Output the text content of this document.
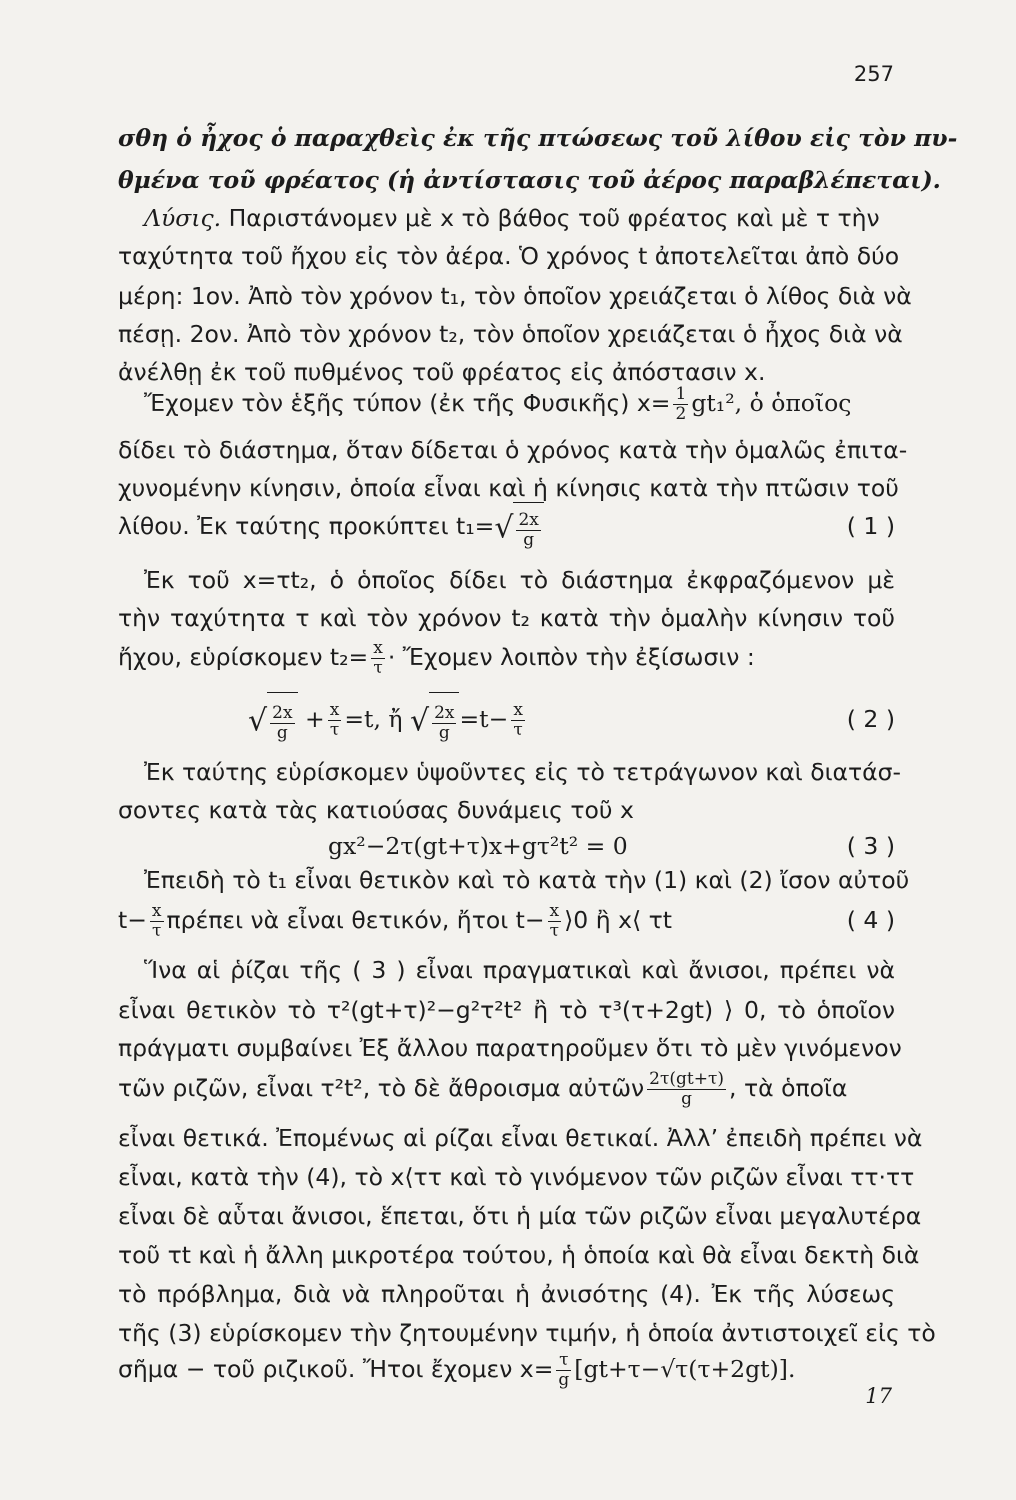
257
σθη ὁ ἦχος ὁ παραχθεὶς ἐκ τῆς πτώσεως τοῦ λίθου εἰς τὸν πυ-
θμένα τοῦ φρέατος (ἡ ἀντίστασις τοῦ ἀέρος παραβλέπεται).
Λύσις. Παριστάνομεν μὲ x τὸ βάθος τοῦ φρέατος καὶ μὲ τ τὴν
ταχύτητα τοῦ ἤχου εἰς τὸν ἀέρα. Ὁ χρόνος t ἀποτελεῖται ἀπὸ δύο
μέρη: 1ον. Ἀπὸ τὸν χρόνον t₁, τὸν ὁποῖον χρειάζεται ὁ λίθος διὰ νὰ
πέσῃ. 2ον. Ἀπὸ τὸν χρόνον t₂, τὸν ὁποῖον χρειάζεται ὁ ἦχος διὰ νὰ
ἀνέλθῃ ἐκ τοῦ πυθμένος τοῦ φρέατος εἰς ἀπόστασιν x.
Ἔχομεν τὸν ἑξῆς τύπον (ἐκ τῆς Φυσικῆς) $x= \frac{1}{2} gt_1^2$, ὁ ὁποῖος
δίδει τὸ διάστημα, ὅταν δίδεται ὁ χρόνος κατὰ τὴν ὁμαλῶς ἐπιτα-
χυνομένην κίνησιν, ὁποία εἶναι καὶ ἡ κίνησις κατὰ τὴν πτῶσιν τοῦ
λίθου. Ἐκ ταύτης προκύπτει $t_1=√ \frac{2x}{g}$	( 1 )
Ἐκ τοῦ x=τt₂, ὁ ὁποῖος δίδει τὸ διάστημα ἐκφραζόμενον μὲ
τὴν ταχύτητα τ καὶ τὸν χρόνον t₂ κατὰ τὴν ὁμαλὴν κίνησιν τοῦ
ἤχου, εὑρίσκομεν $t_2= \frac{x}{\tau}$ · Ἔχομεν λοιπὸν τὴν ἐξίσωσιν :
√ $\frac{2x}{g} + \frac{x}{\tau} =t$, ἤ √ $\frac{2x}{g} =t- \frac{x}{\tau}$	( 2 )
Ἐκ ταύτης εὑρίσκομεν ὑψοῦντες εἰς τὸ τετράγωνον καὶ διατάσ-
σοντες κατὰ τὰς κατιούσας δυνάμεις τοῦ x
gx²−2τ(gt+τ)x+gτ²t² = 0	( 3 )
Ἐπειδὴ τὸ t₁ εἶναι θετικὸν καὶ τὸ κατὰ τὴν (1) καὶ (2) ἴσον αὐτοῦ
$t- \frac{x}{\tau}$ πρέπει νὰ εἶναι θετικόν, ἤτοι $t- \frac{x}{\tau}$ ⟩0 ἢ x⟨ τt	( 4 )
Ἵνα αἱ ῥίζαι τῆς ( 3 ) εἶναι πραγματικαὶ καὶ ἄνισοι, πρέπει νὰ
εἶναι θετικὸν τὸ τ²(gt+τ)²−g²τ²t² ἢ τὸ τ³(τ+2gt) ⟩ 0, τὸ ὁποῖον
πράγματι συμβαίνει Ἐξ ἄλλου παρατηροῦμεν ὅτι τὸ μὲν γινόμενον
τῶν ριζῶν, εἶναι τ²t², τὸ δὲ ἄθροισμα αὐτῶν $\frac{2\tau(gt+\tau)}{g}$ , τὰ ὁποῖα
εἶναι θετικά. Ἐπομένως αἱ ρίζαι εἶναι θετικαί. Ἀλλ’ ἐπειδὴ πρέπει νὰ
εἶναι, κατὰ τὴν (4), τὸ x⟨ττ καὶ τὸ γινόμενον τῶν ριζῶν εἶναι ττ·ττ
εἶναι δὲ αὗται ἄνισοι, ἕπεται, ὅτι ἡ μία τῶν ριζῶν εἶναι μεγαλυτέρα
τοῦ τt καὶ ἡ ἄλλη μικροτέρα τούτου, ἡ ὁποία καὶ θὰ εἶναι δεκτὴ διὰ
τὸ πρόβλημα, διὰ νὰ πληροῦται ἡ ἀνισότης (4). Ἐκ τῆς λύσεως
τῆς (3) εὑρίσκομεν τὴν ζητουμένην τιμήν, ἡ ὁποία ἀντιστοιχεῖ εἰς τὸ
σῆμα − τοῦ ριζικοῦ. Ἤτοι ἔχομεν $x= \frac{\tau}{g} [gt+\tau-√\tau(\tau+2gt)]$.
17
